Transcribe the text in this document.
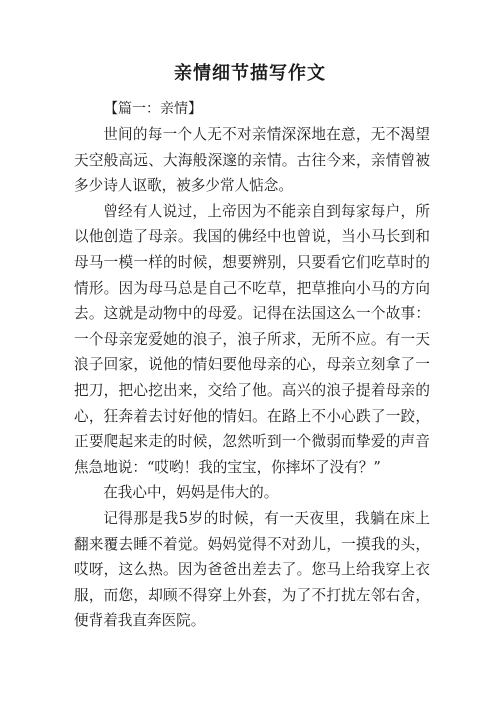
亲情细节描写作文
【篇一：亲情】

世间的每一个人无不对亲情深深地在意，无不渴望天空般高远、大海般深邃的亲情。古往今来，亲情曾被多少诗人讴歌，被多少常人惦念。

曾经有人说过，上帝因为不能亲自到每家每户，所以他创造了母亲。我国的佛经中也曾说，当小马长到和母马一模一样的时候，想要辨别，只要看它们吃草时的情形。因为母马总是自己不吃草，把草推向小马的方向去。这就是动物中的母爱。记得在法国这么一个故事：一个母亲宠爱她的浪子，浪子所求，无所不应。有一天浪子回家，说他的情妇要他母亲的心，母亲立刻拿了一把刀，把心挖出来，交给了他。高兴的浪子提着母亲的心，狂奔着去讨好他的情妇。在路上不小心跌了一跤，正要爬起来走的时候，忽然听到一个微弱而挚爱的声音焦急地说：“哎哟！我的宝宝，你摔坏了没有？”

在我心中，妈妈是伟大的。

记得那是我5岁的时候，有一天夜里，我躺在床上翻来覆去睡不着觉。妈妈觉得不对劲儿，一摸我的头，哎呀，这么热。因为爸爸出差去了。您马上给我穿上衣服，而您，却顾不得穿上外套，为了不打扰左邻右舍，便背着我直奔医院。
